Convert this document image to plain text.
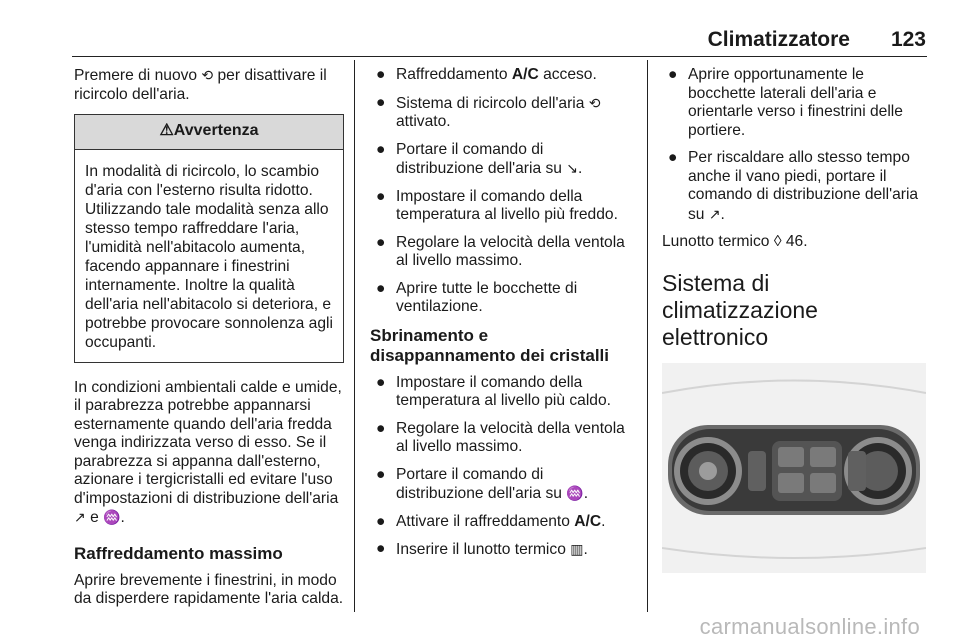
Climatizzatore 123

Premere di nuovo ⟲ per disattivare il ricircolo dell'aria.

⚠Avvertenza
In modalità di ricircolo, lo scambio d'aria con l'esterno risulta ridotto. Utilizzando tale modalità senza allo stesso tempo raffreddare l'aria, l'umidità nell'abitacolo aumenta, facendo appannare i finestrini internamente. Inoltre la qualità dell'aria nell'abitacolo si deteriora, e potrebbe provocare sonnolenza agli occupanti.

In condizioni ambientali calde e umide, il parabrezza potrebbe appannarsi esternamente quando dell'aria fredda venga indirizzata verso di esso. Se il parabrezza si appanna dall'esterno, azionare i tergicristalli ed evitare l'uso d'impostazioni di distribuzione dell'aria ↗ e ♒.

Raffreddamento massimo

Aprire brevemente i finestrini, in modo da disperdere rapidamente l'aria calda.

● Raffreddamento A/C acceso.
● Sistema di ricircolo dell'aria ⟲ attivato.
● Portare il comando di distribuzione dell'aria su ↘.
● Impostare il comando della temperatura al livello più freddo.
● Regolare la velocità della ventola al livello massimo.
● Aprire tutte le bocchette di ventilazione.
Sbrinamento e disappannamento dei cristalli
● Impostare il comando della temperatura al livello più caldo.
● Regolare la velocità della ventola al livello massimo.
● Portare il comando di distribuzione dell'aria su ♒.
● Attivare il raffreddamento A/C.
● Inserire il lunotto termico ▥.
● Aprire opportunamente le bocchette laterali dell'aria e orientarle verso i finestrini delle portiere.
● Per riscaldare allo stesso tempo anche il vano piedi, portare il comando di distribuzione dell'aria su ↗.

Lunotto termico ◊ 46.

Sistema di climatizzazione elettronico
carmanualsonline.info
